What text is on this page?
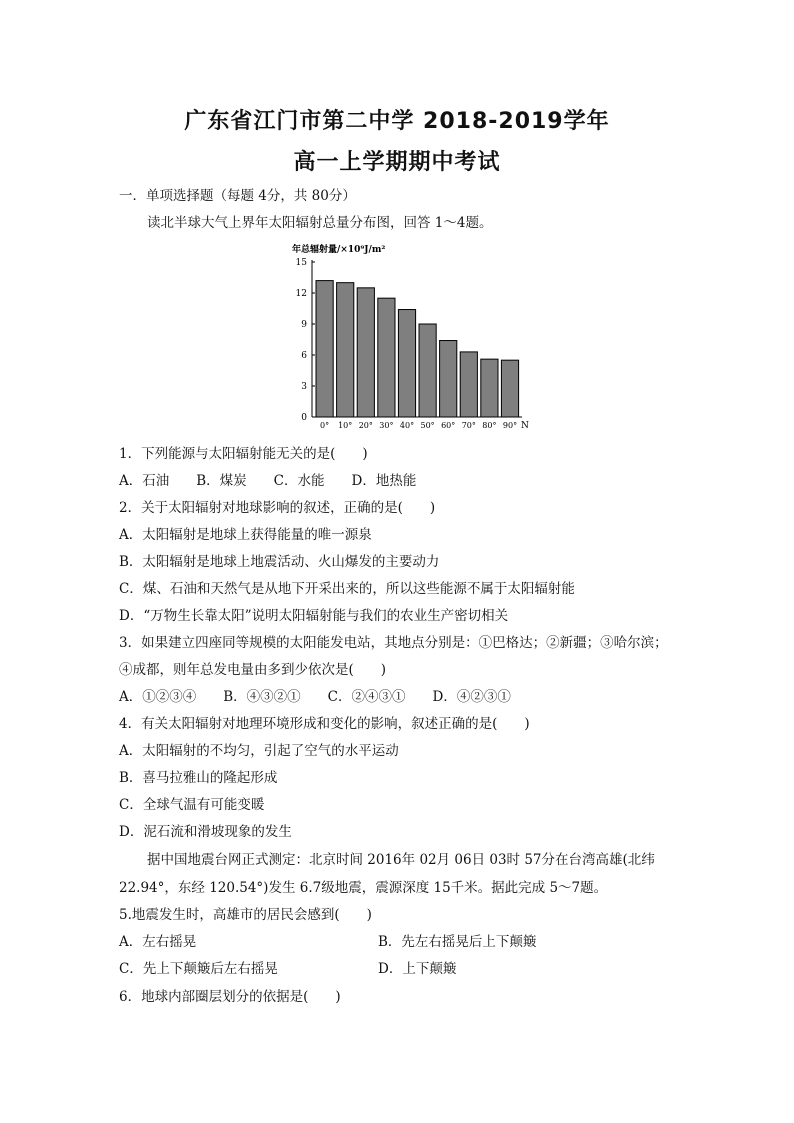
广东省江门市第二中学 2018-2019学年
高一上学期期中考试
一．单项选择题（每题 4分，共 80分）
读北半球大气上界年太阳辐射总量分布图，回答 1～4题。
年总辐射量/×10⁹J/m²
0
3
6
9
12
15
0° 10° 20° 30° 40° 50° 60° 70° 80° 90° N
1．下列能源与太阳辐射能无关的是(　　)
A．石油　　B．煤炭　　C．水能　　D．地热能
2．关于太阳辐射对地球影响的叙述，正确的是(　　)
A．太阳辐射是地球上获得能量的唯一源泉
B．太阳辐射是地球上地震活动、火山爆发的主要动力
C．煤、石油和天然气是从地下开采出来的，所以这些能源不属于太阳辐射能
D．“万物生长靠太阳”说明太阳辐射能与我们的农业生产密切相关
3．如果建立四座同等规模的太阳能发电站，其地点分别是：①巴格达；②新疆；③哈尔滨；
④成都，则年总发电量由多到少依次是(　　)
A．①②③④　　B．④③②①　　C．②④③①　　D．④②③①
4．有关太阳辐射对地理环境形成和变化的影响，叙述正确的是(　　)
A．太阳辐射的不均匀，引起了空气的水平运动
B．喜马拉雅山的隆起形成
C．全球气温有可能变暖
D．泥石流和滑坡现象的发生
据中国地震台网正式测定：北京时间 2016年 02月 06日 03时 57分在台湾高雄(北纬
22.94°，东经 120.54°)发生 6.7级地震，震源深度 15千米。据此完成 5～7题。
5.地震发生时，高雄市的居民会感到(　　)
A．左右摇晃	B．先左右摇晃后上下颠簸
C．先上下颠簸后左右摇晃	D．上下颠簸
6．地球内部圈层划分的依据是(　　)
